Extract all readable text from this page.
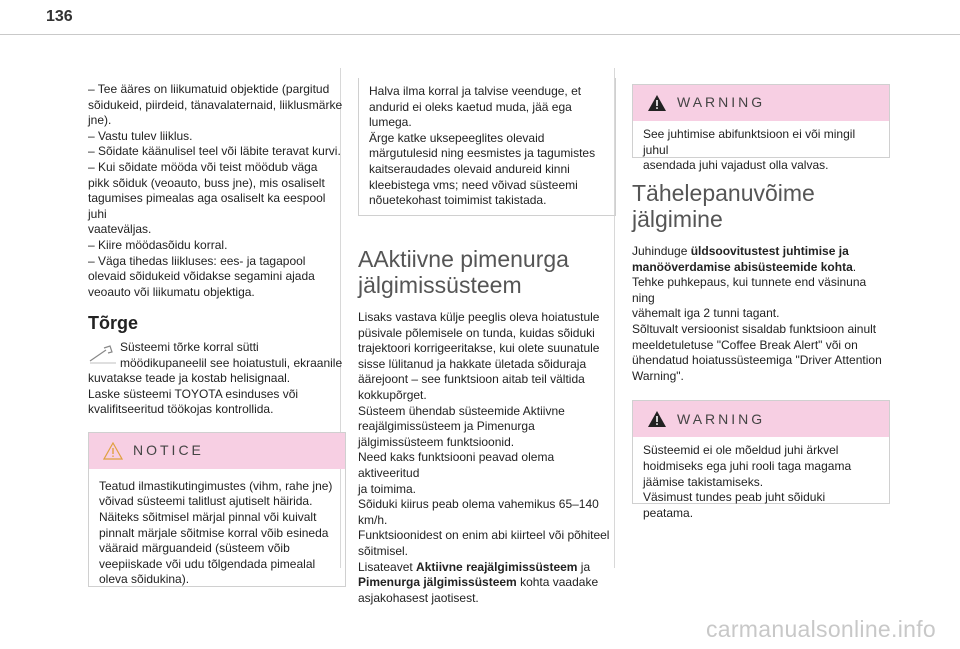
136
– Tee ääres on liikumatuid objektide (pargitud
sõidukeid, piirdeid, tänavalaternaid, liiklusmärke
jne).
– Vastu tulev liiklus.
– Sõidate käänulisel teel või läbite teravat kurvi.
– Kui sõidate mööda või teist möödub väga
pikk sõiduk (veoauto, buss jne), mis osaliselt
tagumises pimealas aga osaliselt ka eespool juhi
vaateväljas.
– Kiire möödasõidu korral.
– Väga tihedas liikluses: ees- ja tagapool
olevaid sõidukeid võidakse segamini ajada
veoauto või liikumatu objektiga.
Tõrge
Süsteemi tõrke korral sütti
möödikupaneelil see hoiatustuli, ekraanile
kuvatakse teade ja kostab helisignaal.
Laske süsteemi TOYOTA esinduses või
kvalifitseeritud töökojas kontrollida.
NOTICE
Teatud ilmastikutingimustes (vihm, rahe jne)
võivad süsteemi talitlust ajutiselt häirida.
Näiteks sõitmisel märjal pinnal või kuivalt
pinnalt märjale sõitmise korral võib esineda
vääraid märguandeid (süsteem võib
veepiiskade või udu tõlgendada pimealal
oleva sõidukina).
Halva ilma korral ja talvise veenduge, et
andurid ei oleks kaetud muda, jää ega
lumega.
Ärge katke uksepeeglites olevaid
märgutulesid ning eesmistes ja tagumistes
kaitseraudades olevaid andureid kinni
kleebistega vms; need võivad süsteemi
nõuetekohast toimimist takistada.
AAktiivne pimenurga
jälgimissüsteem
Lisaks vastava külje peeglis oleva hoiatustule
püsivale põlemisele on tunda, kuidas sõiduki
trajektoori korrigeeritakse, kui olete suunatule
sisse lülitanud ja hakkate ületada sõiduraja
äärejoont – see funktsioon aitab teil vältida
kokkupõrget.
Süsteem ühendab süsteemide Aktiivne
reajälgimissüsteem ja Pimenurga
jälgimissüsteem funktsioonid.
Need kaks funktsiooni peavad olema aktiveeritud
ja toimima.
Sõiduki kiirus peab olema vahemikus 65–140
km/h.
Funktsioonidest on enim abi kiirteel või põhiteel
sõitmisel.
Lisateavet Aktiivne reajälgimissüsteem ja
Pimenurga jälgimissüsteem kohta vaadake
asjakohasest jaotisest.
WARNING
See juhtimise abifunktsioon ei või mingil juhul
asendada juhi vajadust olla valvas.
Tähelepanuvõime
jälgimine
Juhinduge üldsoovitustest juhtimise ja
manööverdamise abisüsteemide kohta.
Tehke puhkepaus, kui tunnete end väsinuna ning
vähemalt iga 2 tunni tagant.
Sõltuvalt versioonist sisaldab funktsioon ainult
meeldetuletuse "Coffee Break Alert" või on
ühendatud hoiatussüsteemiga "Driver Attention
Warning".
WARNING
Süsteemid ei ole mõeldud juhi ärkvel
hoidmiseks ega juhi rooli taga magama
jäämise takistamiseks.
Väsimust tundes peab juht sõiduki peatama.
carmanualsonline.info
